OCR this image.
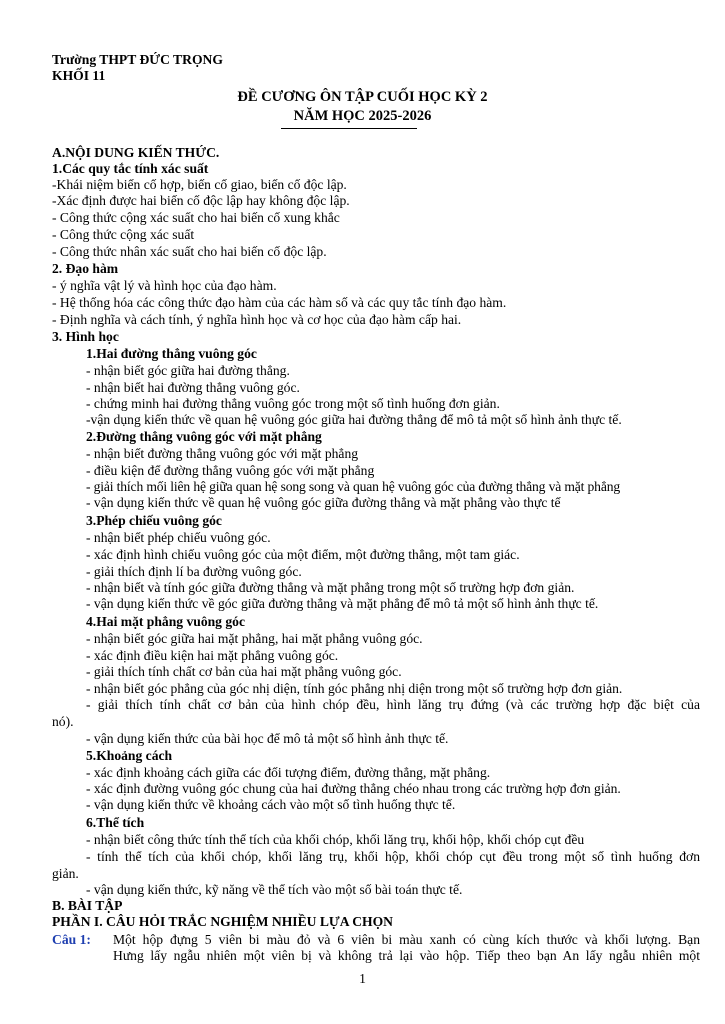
Trường THPT ĐỨC TRỌNG
KHỐI 11
ĐỀ CƯƠNG ÔN TẬP CUỐI HỌC KỲ 2
NĂM HỌC 2025-2026
A.NỘI DUNG KIẾN THỨC.
1.Các quy tắc tính xác suất
-Khái niệm biến cố hợp, biến cố giao, biến cố độc lập.
-Xác định được hai biến cố độc lập hay không độc lập.
- Công thức cộng xác suất cho hai biến cố xung khắc
- Công thức cộng xác suất
- Công thức nhân xác suất cho hai biến cố độc lập.
2. Đạo hàm
- ý nghĩa vật lý và hình học của đạo hàm.
- Hệ thống hóa các công thức đạo hàm của các hàm số và các quy tắc tính đạo hàm.
- Định nghĩa và cách tính, ý nghĩa hình học và cơ học của đạo hàm cấp hai.
3. Hình học
1.Hai đường thẳng vuông góc
- nhận biết góc giữa hai đường thẳng.
- nhận biết hai đường thẳng vuông góc.
- chứng minh hai đường thẳng vuông góc trong một số tình huống đơn giản.
-vận dụng kiến thức về quan hệ vuông góc giữa hai đường thẳng để mô tả một số hình ảnh thực tế.
2.Đường thẳng vuông góc với mặt phẳng
- nhận biết đường thẳng vuông góc với mặt phẳng
- điều kiện để đường thẳng vuông góc với mặt phẳng
- giải thích mối liên hệ giữa quan hệ song song và quan hệ vuông góc của đường thẳng và mặt phẳng
- vận dụng kiến thức về quan hệ vuông góc giữa đường thẳng và mặt phẳng vào thực tế
3.Phép chiếu vuông góc
- nhận biết phép chiếu vuông góc.
- xác định hình chiếu vuông góc của một điểm, một đường thẳng, một tam giác.
- giải thích định lí ba đường vuông góc.
- nhận biết và tính góc giữa đường thẳng và mặt phẳng trong một số trường hợp đơn giản.
- vận dụng kiến thức về góc giữa đường thẳng và mặt phẳng để mô tả một số hình ảnh thực tế.
4.Hai mặt phẳng vuông góc
- nhận biết góc giữa hai mặt phẳng, hai mặt phẳng vuông góc.
- xác định điều kiện hai mặt phẳng vuông góc.
- giải thích tính chất cơ bản của hai mặt phẳng vuông góc.
- nhận biết góc phẳng của góc nhị diện, tính góc phẳng nhị diện trong một số trường hợp đơn giản.
- giải thích tính chất cơ bản của hình chóp đều, hình lăng trụ đứng (và các trường hợp đặc biệt của
nó).
- vận dụng kiến thức của bài học để mô tả một số hình ảnh thực tế.
5.Khoảng cách
- xác định khoảng cách giữa các đối tượng điểm, đường thẳng, mặt phẳng.
- xác định đường vuông góc chung của hai đường thẳng chéo nhau trong các trường hợp đơn giản.
- vận dụng kiến thức về khoảng cách vào một số tình huống thực tế.
6.Thể tích
- nhận biết công thức tính thể tích của khối chóp, khối lăng trụ, khối hộp, khối chóp cụt đều
- tính thể tích của khối chóp, khối lăng trụ, khối hộp, khối chóp cụt đều trong một số tình huống đơn
giản.
- vận dụng kiến thức, kỹ năng về thể tích vào một số bài toán thực tế.
B. BÀI TẬP
PHẦN I. CÂU HỎI TRẮC NGHIỆM NHIỀU LỰA CHỌN
Câu 1: Một hộp đựng 5 viên bi màu đỏ và 6 viên bi màu xanh có cùng kích thước và khối lượng. Bạn
Hưng lấy ngẫu nhiên một viên bị và không trả lại vào hộp. Tiếp theo bạn An lấy ngẫu nhiên một
1
